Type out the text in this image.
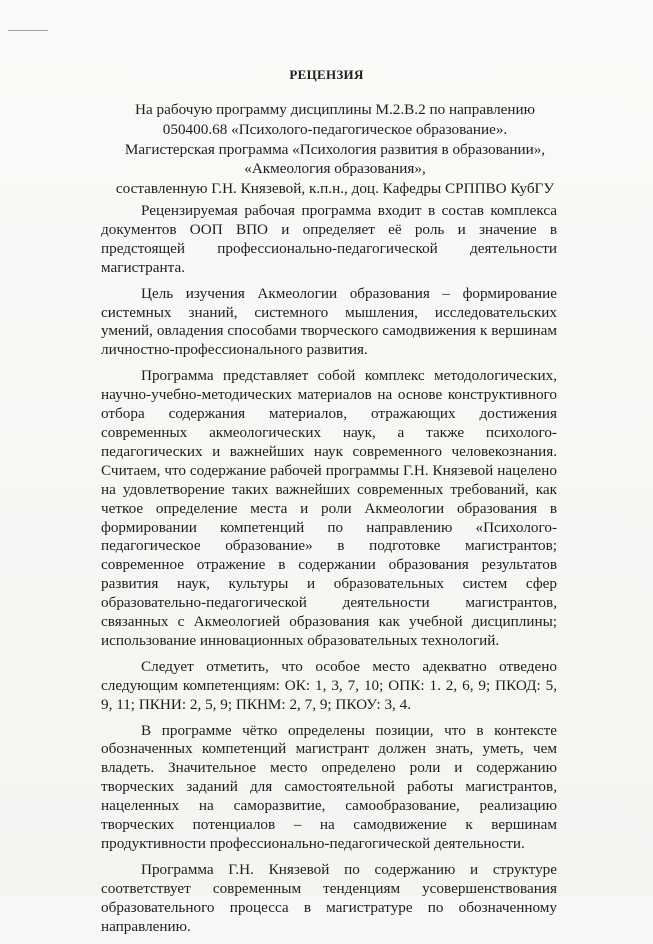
РЕЦЕНЗИЯ
На рабочую программу дисциплины М.2.В.2 по направлению
050400.68 «Психолого-педагогическое образование».
Магистерская программа «Психология развития в образовании»,
«Акмеология образования»,
составленную Г.Н. Князевой, к.п.н., доц. Кафедры СРППВО КубГУ

Рецензируемая рабочая программа входит в состав комплекса документов ООП ВПО и определяет её роль и значение в предстоящей профессионально-педагогической деятельности магистранта.

Цель изучения Акмеологии образования – формирование системных знаний, системного мышления, исследовательских умений, овладения способами творческого самодвижения к вершинам личностно-профессионального развития.

Программа представляет собой комплекс методологических, научно-учебно-методических материалов на основе конструктивного отбора содержания материалов, отражающих достижения современных акмеологических наук, а также психолого-педагогических и важнейших наук современного человекознания. Считаем, что содержание рабочей программы Г.Н. Князевой нацелено на удовлетворение таких важнейших современных требований, как четкое определение места и роли Акмеологии образования в формировании компетенций по направлению «Психолого-педагогическое образование» в подготовке магистрантов; современное отражение в содержании образования результатов развития наук, культуры и образовательных систем сфер образовательно-педагогической деятельности магистрантов, связанных с Акмеологией образования как учебной дисциплины; использование инновационных образовательных технологий.

Следует отметить, что особое место адекватно отведено следующим компетенциям: ОК: 1, 3, 7, 10; ОПК: 1. 2, 6, 9; ПКОД: 5, 9, 11; ПКНИ: 2, 5, 9; ПКНМ: 2, 7, 9; ПКОУ: 3, 4.

В программе чётко определены позиции, что в контексте обозначенных компетенций магистрант должен знать, уметь, чем владеть. Значительное место определено роли и содержанию творческих заданий для самостоятельной работы магистрантов, нацеленных на саморазвитие, самообразование, реализацию творческих потенциалов – на самодвижение к вершинам продуктивности профессионально-педагогической деятельности.

Программа Г.Н. Князевой по содержанию и структуре соответствует современным тенденциям усовершенствования образовательного процесса в магистратуре по обозначенному направлению.
